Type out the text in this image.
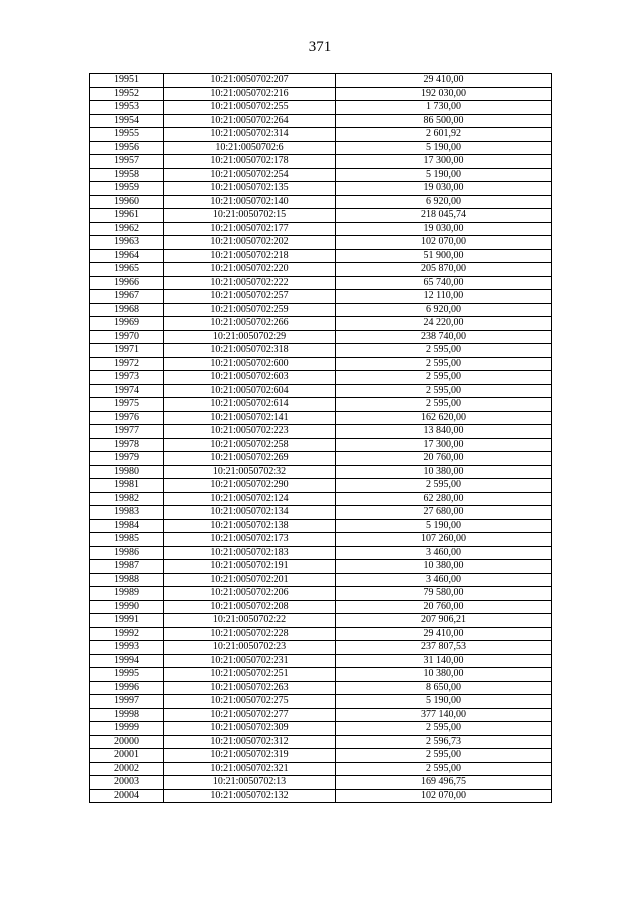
371
19951	10:21:0050702:207	29 410,00
19952	10:21:0050702:216	192 030,00
19953	10:21:0050702:255	1 730,00
19954	10:21:0050702:264	86 500,00
19955	10:21:0050702:314	2 601,92
19956	10:21:0050702:6	5 190,00
19957	10:21:0050702:178	17 300,00
19958	10:21:0050702:254	5 190,00
19959	10:21:0050702:135	19 030,00
19960	10:21:0050702:140	6 920,00
19961	10:21:0050702:15	218 045,74
19962	10:21:0050702:177	19 030,00
19963	10:21:0050702:202	102 070,00
19964	10:21:0050702:218	51 900,00
19965	10:21:0050702:220	205 870,00
19966	10:21:0050702:222	65 740,00
19967	10:21:0050702:257	12 110,00
19968	10:21:0050702:259	6 920,00
19969	10:21:0050702:266	24 220,00
19970	10:21:0050702:29	238 740,00
19971	10:21:0050702:318	2 595,00
19972	10:21:0050702:600	2 595,00
19973	10:21:0050702:603	2 595,00
19974	10:21:0050702:604	2 595,00
19975	10:21:0050702:614	2 595,00
19976	10:21:0050702:141	162 620,00
19977	10:21:0050702:223	13 840,00
19978	10:21:0050702:258	17 300,00
19979	10:21:0050702:269	20 760,00
19980	10:21:0050702:32	10 380,00
19981	10:21:0050702:290	2 595,00
19982	10:21:0050702:124	62 280,00
19983	10:21:0050702:134	27 680,00
19984	10:21:0050702:138	5 190,00
19985	10:21:0050702:173	107 260,00
19986	10:21:0050702:183	3 460,00
19987	10:21:0050702:191	10 380,00
19988	10:21:0050702:201	3 460,00
19989	10:21:0050702:206	79 580,00
19990	10:21:0050702:208	20 760,00
19991	10:21:0050702:22	207 906,21
19992	10:21:0050702:228	29 410,00
19993	10:21:0050702:23	237 807,53
19994	10:21:0050702:231	31 140,00
19995	10:21:0050702:251	10 380,00
19996	10:21:0050702:263	8 650,00
19997	10:21:0050702:275	5 190,00
19998	10:21:0050702:277	377 140,00
19999	10:21:0050702:309	2 595,00
20000	10:21:0050702:312	2 596,73
20001	10:21:0050702:319	2 595,00
20002	10:21:0050702:321	2 595,00
20003	10:21:0050702:13	169 496,75
20004	10:21:0050702:132	102 070,00
